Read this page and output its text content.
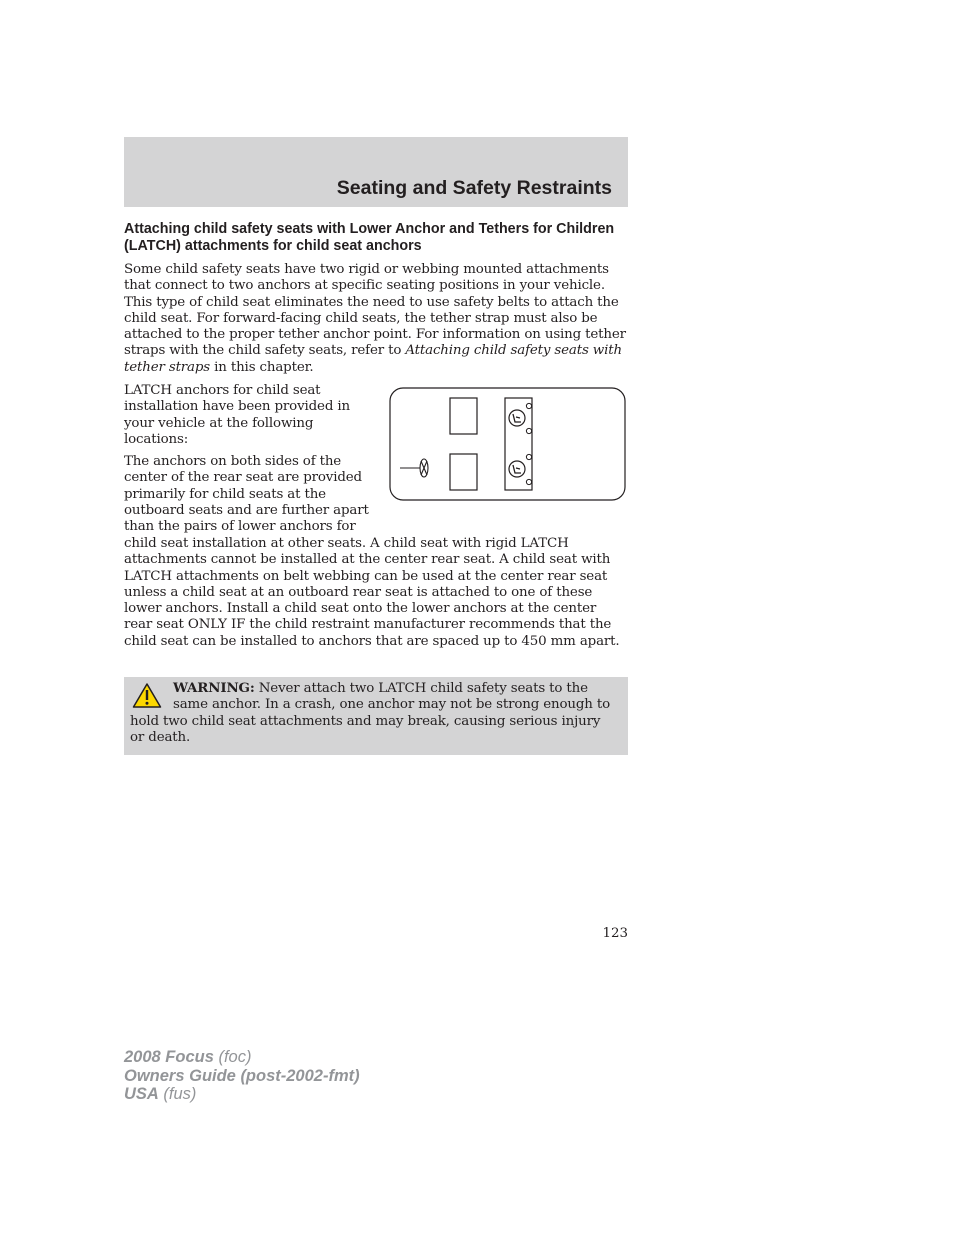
Seating and Safety Restraints
Attaching child safety seats with Lower Anchor and Tethers for Children (LATCH) attachments for child seat anchors

Some child safety seats have two rigid or webbing mounted attachments that connect to two anchors at specific seating positions in your vehicle. This type of child seat eliminates the need to use safety belts to attach the child seat. For forward-facing child seats, the tether strap must also be attached to the proper tether anchor point. For information on using tether straps with the child safety seats, refer to Attaching child safety seats with tether straps in this chapter.

LATCH anchors for child seat installation have been provided in your vehicle at the following locations:

The anchors on both sides of the center of the rear seat are provided primarily for child seats at the outboard seats and are further apart than the pairs of lower anchors for

child seat installation at other seats. A child seat with rigid LATCH attachments cannot be installed at the center rear seat. A child seat with LATCH attachments on belt webbing can be used at the center rear seat unless a child seat at an outboard rear seat is attached to one of these lower anchors. Install a child seat onto the lower anchors at the center rear seat ONLY IF the child restraint manufacturer recommends that the child seat can be installed to anchors that are spaced up to 450 mm apart.

WARNING: Never attach two LATCH child safety seats to the same anchor. In a crash, one anchor may not be strong enough to hold two child seat attachments and may break, causing serious injury or death.

123
2008 Focus (foc)
Owners Guide (post-2002-fmt)
USA (fus)
